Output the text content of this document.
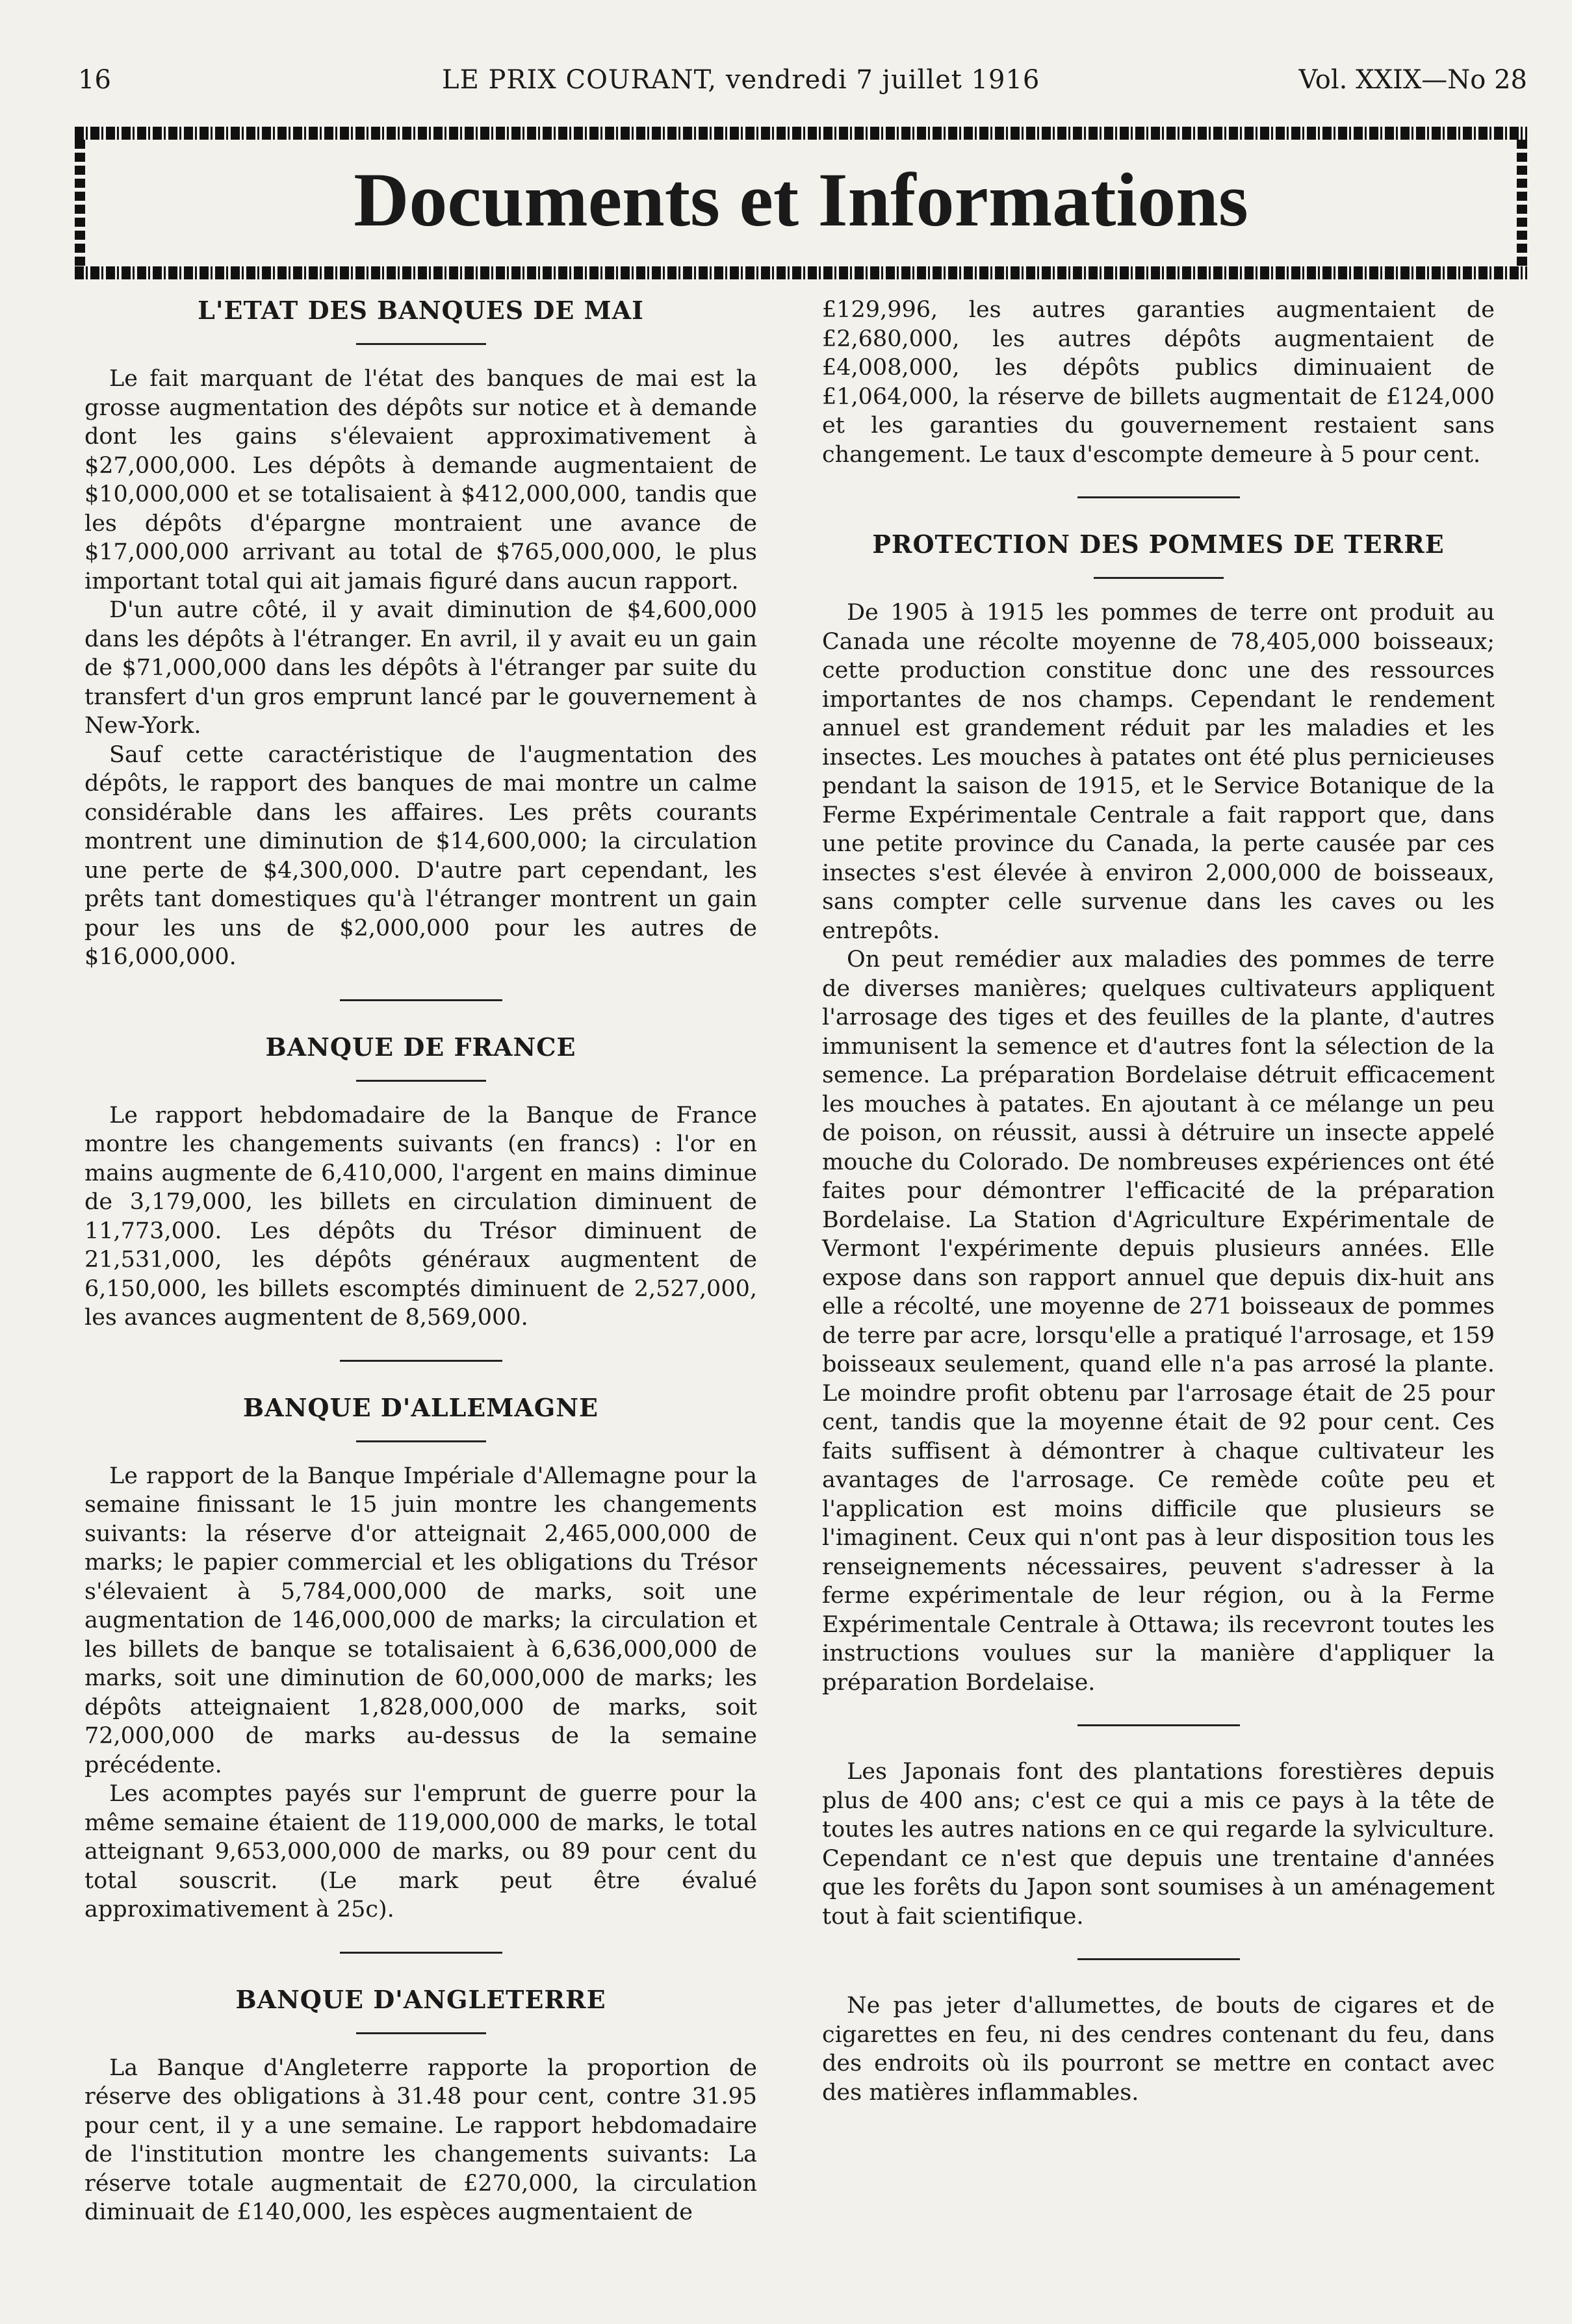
16	LE PRIX COURANT, vendredi 7 juillet 1916	Vol. XXIX—No 28
Documents et Informations
L'ETAT DES BANQUES DE MAI

Le fait marquant de l'état des banques de mai est la grosse augmentation des dépôts sur notice et à demande dont les gains s'élevaient approximativement à $27,000,000. Les dépôts à demande augmentaient de $10,000,000 et se totalisaient à $412,000,000, tandis que les dépôts d'épargne montraient une avance de $17,000,000 arrivant au total de $765,000,000, le plus important total qui ait jamais figuré dans aucun rapport.

D'un autre côté, il y avait diminution de $4,600,000 dans les dépôts à l'étranger. En avril, il y avait eu un gain de $71,000,000 dans les dépôts à l'étranger par suite du transfert d'un gros emprunt lancé par le gouvernement à New-York.

Sauf cette caractéristique de l'augmentation des dépôts, le rapport des banques de mai montre un calme considérable dans les affaires. Les prêts courants montrent une diminution de $14,600,000; la circulation une perte de $4,300,000. D'autre part cependant, les prêts tant domestiques qu'à l'étranger montrent un gain pour les uns de $2,000,000 pour les autres de $16,000,000.

BANQUE DE FRANCE

Le rapport hebdomadaire de la Banque de France montre les changements suivants (en francs) : l'or en mains augmente de 6,410,000, l'argent en mains diminue de 3,179,000, les billets en circulation diminuent de 11,773,000. Les dépôts du Trésor diminuent de 21,531,000, les dépôts généraux augmentent de 6,150,000, les billets escomptés diminuent de 2,527,000, les avances augmentent de 8,569,000.

BANQUE D'ALLEMAGNE

Le rapport de la Banque Impériale d'Allemagne pour la semaine finissant le 15 juin montre les changements suivants: la réserve d'or atteignait 2,465,000,000 de marks; le papier commercial et les obligations du Trésor s'élevaient à 5,784,000,000 de marks, soit une augmentation de 146,000,000 de marks; la circulation et les billets de banque se totalisaient à 6,636,000,000 de marks, soit une diminution de 60,000,000 de marks; les dépôts atteignaient 1,828,000,000 de marks, soit 72,000,000 de marks au-dessus de la semaine précédente.

Les acomptes payés sur l'emprunt de guerre pour la même semaine étaient de 119,000,000 de marks, le total atteignant 9,653,000,000 de marks, ou 89 pour cent du total souscrit. (Le mark peut être évalué approximativement à 25c).

BANQUE D'ANGLETERRE

La Banque d'Angleterre rapporte la proportion de réserve des obligations à 31.48 pour cent, contre 31.95 pour cent, il y a une semaine. Le rapport hebdomadaire de l'institution montre les changements suivants: La réserve totale augmentait de £270,000, la circulation diminuait de £140,000, les espèces augmentaient de

£129,996, les autres garanties augmentaient de £2,680,000, les autres dépôts augmentaient de £4,008,000, les dépôts publics diminuaient de £1,064,000, la réserve de billets augmentait de £124,000 et les garanties du gouvernement restaient sans changement. Le taux d'escompte demeure à 5 pour cent.

PROTECTION DES POMMES DE TERRE

De 1905 à 1915 les pommes de terre ont produit au Canada une récolte moyenne de 78,405,000 boisseaux; cette production constitue donc une des ressources importantes de nos champs. Cependant le rendement annuel est grandement réduit par les maladies et les insectes. Les mouches à patates ont été plus pernicieuses pendant la saison de 1915, et le Service Botanique de la Ferme Expérimentale Centrale a fait rapport que, dans une petite province du Canada, la perte causée par ces insectes s'est élevée à environ 2,000,000 de boisseaux, sans compter celle survenue dans les caves ou les entrepôts.

On peut remédier aux maladies des pommes de terre de diverses manières; quelques cultivateurs appliquent l'arrosage des tiges et des feuilles de la plante, d'autres immunisent la semence et d'autres font la sélection de la semence. La préparation Bordelaise détruit efficacement les mouches à patates. En ajoutant à ce mélange un peu de poison, on réussit, aussi à détruire un insecte appelé mouche du Colorado. De nombreuses expériences ont été faites pour démontrer l'efficacité de la préparation Bordelaise. La Station d'Agriculture Expérimentale de Vermont l'expérimente depuis plusieurs années. Elle expose dans son rapport annuel que depuis dix-huit ans elle a récolté, une moyenne de 271 boisseaux de pommes de terre par acre, lorsqu'elle a pratiqué l'arrosage, et 159 boisseaux seulement, quand elle n'a pas arrosé la plante. Le moindre profit obtenu par l'arrosage était de 25 pour cent, tandis que la moyenne était de 92 pour cent. Ces faits suffisent à démontrer à chaque cultivateur les avantages de l'arrosage. Ce remède coûte peu et l'application est moins difficile que plusieurs se l'imaginent. Ceux qui n'ont pas à leur disposition tous les renseignements nécessaires, peuvent s'adresser à la ferme expérimentale de leur région, ou à la Ferme Expérimentale Centrale à Ottawa; ils recevront toutes les instructions voulues sur la manière d'appliquer la préparation Bordelaise.

Les Japonais font des plantations forestières depuis plus de 400 ans; c'est ce qui a mis ce pays à la tête de toutes les autres nations en ce qui regarde la sylviculture. Cependant ce n'est que depuis une trentaine d'années que les forêts du Japon sont soumises à un aménagement tout à fait scientifique.

Ne pas jeter d'allumettes, de bouts de cigares et de cigarettes en feu, ni des cendres contenant du feu, dans des endroits où ils pourront se mettre en contact avec des matières inflammables.
